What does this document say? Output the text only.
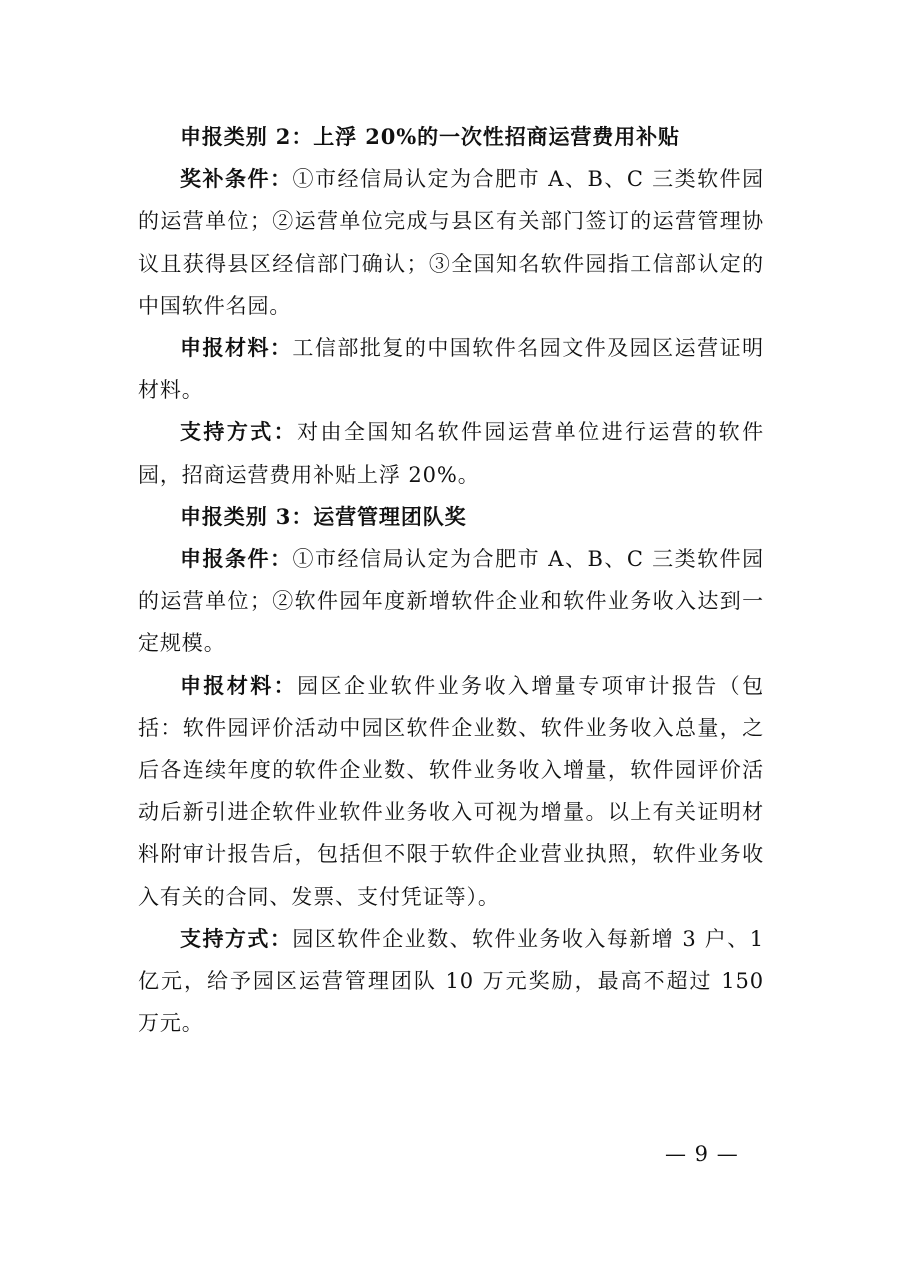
申报类别 2：上浮 20%的一次性招商运营费用补贴

奖补条件：①市经信局认定为合肥市 A、B、C 三类软件园的运营单位；②运营单位完成与县区有关部门签订的运营管理协议且获得县区经信部门确认；③全国知名软件园指工信部认定的中国软件名园。

申报材料：工信部批复的中国软件名园文件及园区运营证明材料。

支持方式：对由全国知名软件园运营单位进行运营的软件园，招商运营费用补贴上浮 20%。

申报类别 3：运营管理团队奖

申报条件：①市经信局认定为合肥市 A、B、C 三类软件园的运营单位；②软件园年度新增软件企业和软件业务收入达到一定规模。

申报材料：园区企业软件业务收入增量专项审计报告（包括：软件园评价活动中园区软件企业数、软件业务收入总量，之后各连续年度的软件企业数、软件业务收入增量，软件园评价活动后新引进企软件业软件业务收入可视为增量。以上有关证明材料附审计报告后，包括但不限于软件企业营业执照，软件业务收入有关的合同、发票、支付凭证等）。

支持方式：园区软件企业数、软件业务收入每新增 3 户、1 亿元，给予园区运营管理团队 10 万元奖励，最高不超过 150 万元。

— 9 —
